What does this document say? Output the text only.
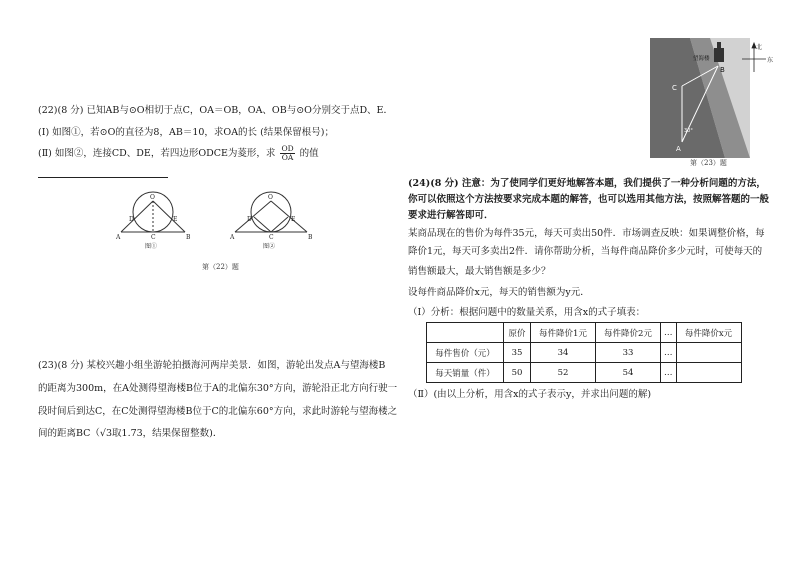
(22)(8 分) 已知AB与⊙O相切于点C，OA＝OB，OA、OB与⊙O分别交于点D、E．
(Ⅰ) 如图①，若⊙O的直径为8，AB＝10，求OA的长 (结果保留根号)；
(Ⅱ) 如图②，连接CD、DE，若四边形ODCE为菱形，求 $\frac{OD}{OA}$ 的值
O
D	E
A	C	B
图①
O
D	E
A	C	B
图②
第（22）题
(23)(8 分) 某校兴趣小组坐游轮拍摄海河两岸美景．如图，游轮出发点A与望海楼B
的距离为300m，在A处测得望海楼B位于A的北偏东30°方向，游轮沿正北方向行驶一
段时间后到达C，在C处测得望海楼B位于C的北偏东60°方向，求此时游轮与望海楼之
间的距离BC（√3取1.73，结果保留整数)．
望海楼
B
C
30°
A
北
东
第（23）题
(24)(8 分) 注意：为了使同学们更好地解答本题，我们提供了一种分析问题的方法，
你可以依照这个方法按要求完成本题的解答，也可以选用其他方法，按照解答题的一般
要求进行解答即可．
某商品现在的售价为每件35元，每天可卖出50件．市场调查反映：如果调整价格，每
降价1元，每天可多卖出2件．请你帮助分析，当每件商品降价多少元时，可使每天的
销售额最大，最大销售额是多少？
设每件商品降价x元，每天的销售额为y元．
（Ⅰ）分析：根据问题中的数量关系，用含x的式子填表：
	原价	每件降价1元	每件降价2元	…	每件降价x元
每件售价（元）	35	34	33	…	
每天销量（件）	50	52	54	…	
（Ⅱ）(由以上分析，用含x的式子表示y，并求出问题的解)
